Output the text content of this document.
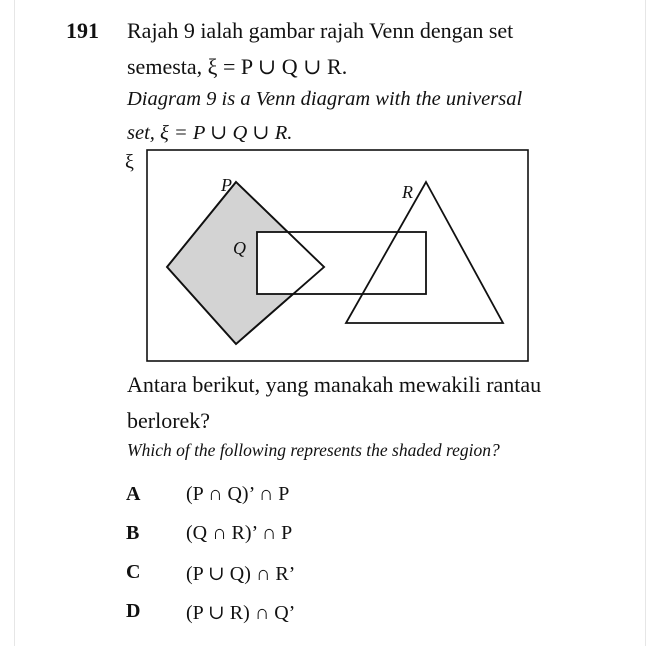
191 Rajah 9 ialah gambar rajah Venn dengan set
semesta, ξ = P ∪ Q ∪ R.
Diagram 9 is a Venn diagram with the universal
set, ξ = P ∪ Q ∪ R.
ξ
P
Q
R
Antara berikut, yang manakah mewakili rantau
berlorek?
Which of the following represents the shaded region?
A (P ∩ Q)’ ∩ P
B (Q ∩ R)’ ∩ P
C (P ∪ Q) ∩ R’
D (P ∪ R) ∩ Q’
